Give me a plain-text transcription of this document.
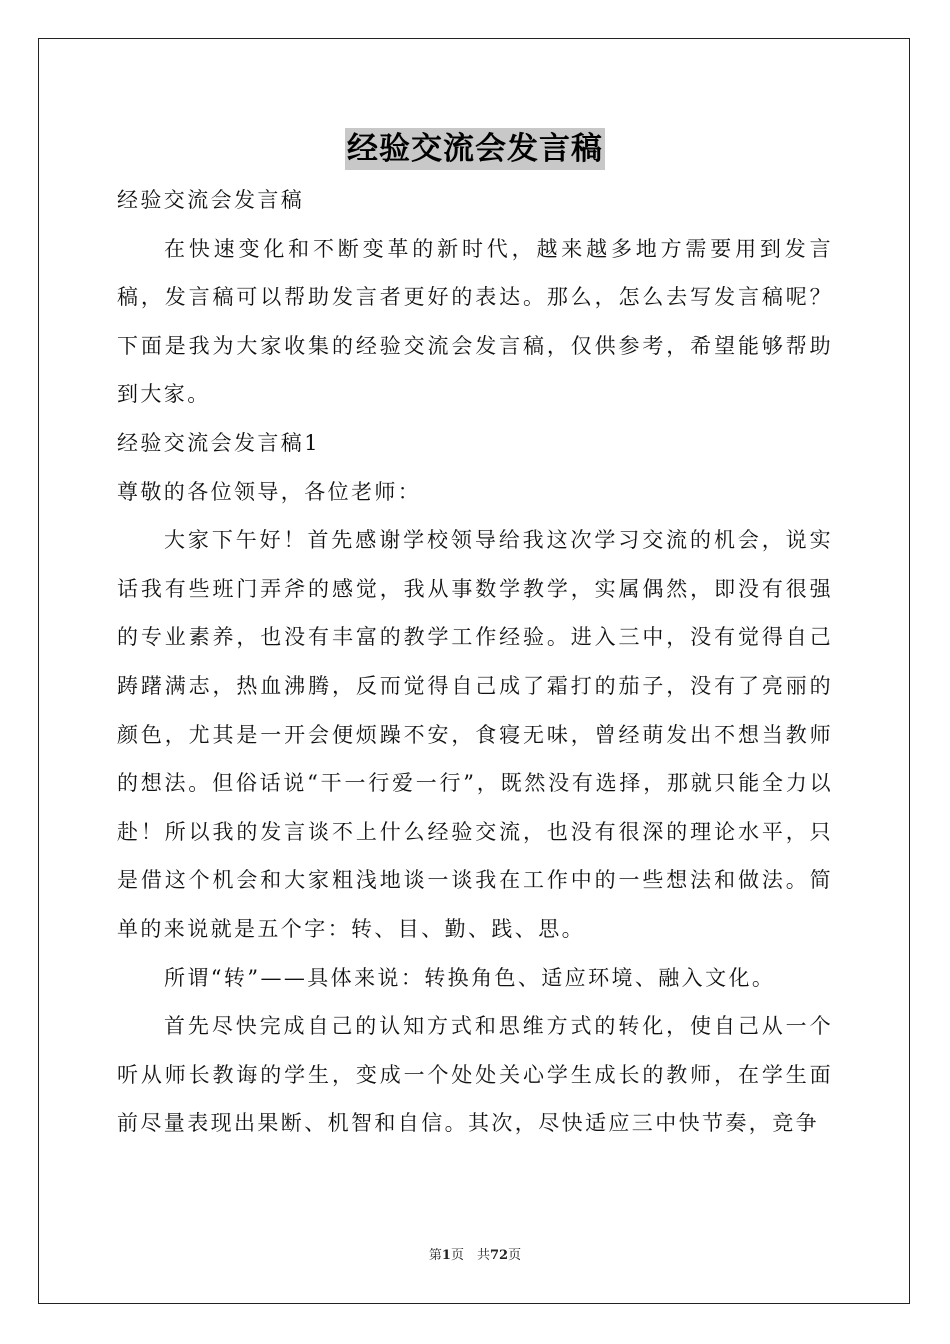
经验交流会发言稿

经验交流会发言稿

在快速变化和不断变革的新时代，越来越多地方需要用到发言稿，发言稿可以帮助发言者更好的表达。那么，怎么去写发言稿呢？下面是我为大家收集的经验交流会发言稿，仅供参考，希望能够帮助到大家。

经验交流会发言稿1

尊敬的各位领导，各位老师：

大家下午好！首先感谢学校领导给我这次学习交流的机会，说实话我有些班门弄斧的感觉，我从事数学教学，实属偶然，即没有很强的专业素养，也没有丰富的教学工作经验。进入三中，没有觉得自己踌躇满志，热血沸腾，反而觉得自己成了霜打的茄子，没有了亮丽的颜色，尤其是一开会便烦躁不安，食寝无味，曾经萌发出不想当教师的想法。但俗话说“干一行爱一行”，既然没有选择，那就只能全力以赴！所以我的发言谈不上什么经验交流，也没有很深的理论水平，只是借这个机会和大家粗浅地谈一谈我在工作中的一些想法和做法。简单的来说就是五个字：转、目、勤、践、思。

所谓“转”——具体来说：转换角色、适应环境、融入文化。

首先尽快完成自己的认知方式和思维方式的转化，使自己从一个听从师长教诲的学生，变成一个处处关心学生成长的教师，在学生面前尽量表现出果断、机智和自信。其次，尽快适应三中快节奏，竞争

第1页　共72页
